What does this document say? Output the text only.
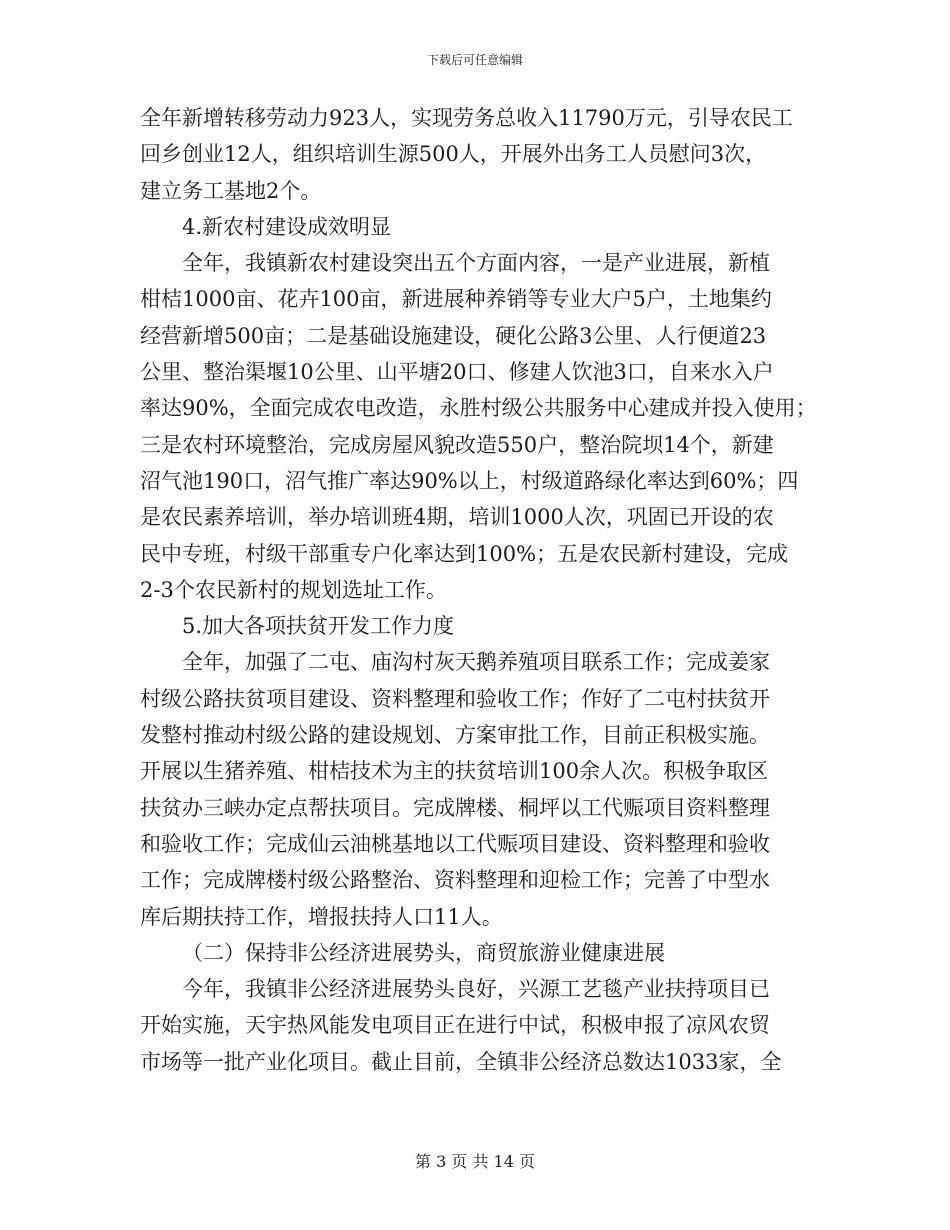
下载后可任意编辑
全年新增转移劳动力923人，实现劳务总收入11790万元，引导农民工
回乡创业12人，组织培训生源500人，开展外出务工人员慰问3次，
建立务工基地2个。
4.新农村建设成效明显
全年，我镇新农村建设突出五个方面内容，一是产业进展，新植
柑桔1000亩、花卉100亩，新进展种养销等专业大户5户，土地集约
经营新增500亩；二是基础设施建设，硬化公路3公里、人行便道23
公里、整治渠堰10公里、山平塘20口、修建人饮池3口，自来水入户
率达90%，全面完成农电改造，永胜村级公共服务中心建成并投入使用；
三是农村环境整治，完成房屋风貌改造550户，整治院坝14个，新建
沼气池190口，沼气推广率达90%以上，村级道路绿化率达到60%；四
是农民素养培训，举办培训班4期，培训1000人次，巩固已开设的农
民中专班，村级干部重专户化率达到100%；五是农民新村建设，完成
2-3个农民新村的规划选址工作。
5.加大各项扶贫开发工作力度
全年，加强了二屯、庙沟村灰天鹅养殖项目联系工作；完成姜家
村级公路扶贫项目建设、资料整理和验收工作；作好了二屯村扶贫开
发整村推动村级公路的建设规划、方案审批工作，目前正积极实施。
开展以生猪养殖、柑桔技术为主的扶贫培训100余人次。积极争取区
扶贫办三峡办定点帮扶项目。完成牌楼、桐坪以工代赈项目资料整理
和验收工作；完成仙云油桃基地以工代赈项目建设、资料整理和验收
工作；完成牌楼村级公路整治、资料整理和迎检工作；完善了中型水
库后期扶持工作，增报扶持人口11人。
（二）保持非公经济进展势头，商贸旅游业健康进展
今年，我镇非公经济进展势头良好，兴源工艺毯产业扶持项目已
开始实施，天宇热风能发电项目正在进行中试，积极申报了凉风农贸
市场等一批产业化项目。截止目前，全镇非公经济总数达1033家，全
第 3 页 共 14 页
